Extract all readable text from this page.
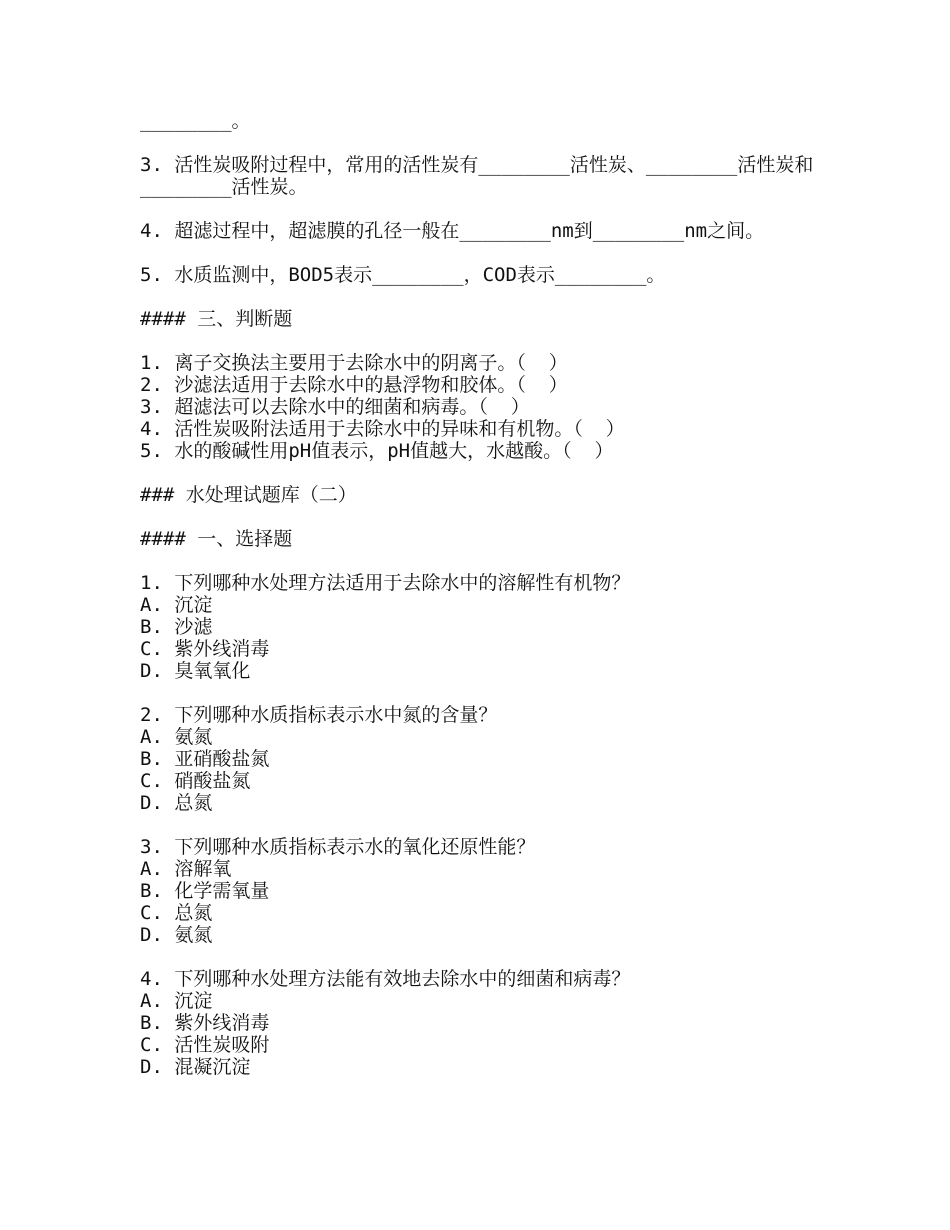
________。
3. 活性炭吸附过程中，常用的活性炭有________活性炭、________活性炭和________活性炭。
4. 超滤过程中，超滤膜的孔径一般在________nm到________nm之间。
5. 水质监测中，BOD5表示________，COD表示________。
#### 三、判断题
1. 离子交换法主要用于去除水中的阴离子。（  ）
2. 沙滤法适用于去除水中的悬浮物和胶体。（  ）
3. 超滤法可以去除水中的细菌和病毒。（  ）
4. 活性炭吸附法适用于去除水中的异味和有机物。（  ）
5. 水的酸碱性用pH值表示，pH值越大，水越酸。（  ）
### 水处理试题库（二）
#### 一、选择题
1. 下列哪种水处理方法适用于去除水中的溶解性有机物？
A. 沉淀
B. 沙滤
C. 紫外线消毒
D. 臭氧氧化
2. 下列哪种水质指标表示水中氮的含量？
A. 氨氮
B. 亚硝酸盐氮
C. 硝酸盐氮
D. 总氮
3. 下列哪种水质指标表示水的氧化还原性能？
A. 溶解氧
B. 化学需氧量
C. 总氮
D. 氨氮
4. 下列哪种水处理方法能有效地去除水中的细菌和病毒？
A. 沉淀
B. 紫外线消毒
C. 活性炭吸附
D. 混凝沉淀
